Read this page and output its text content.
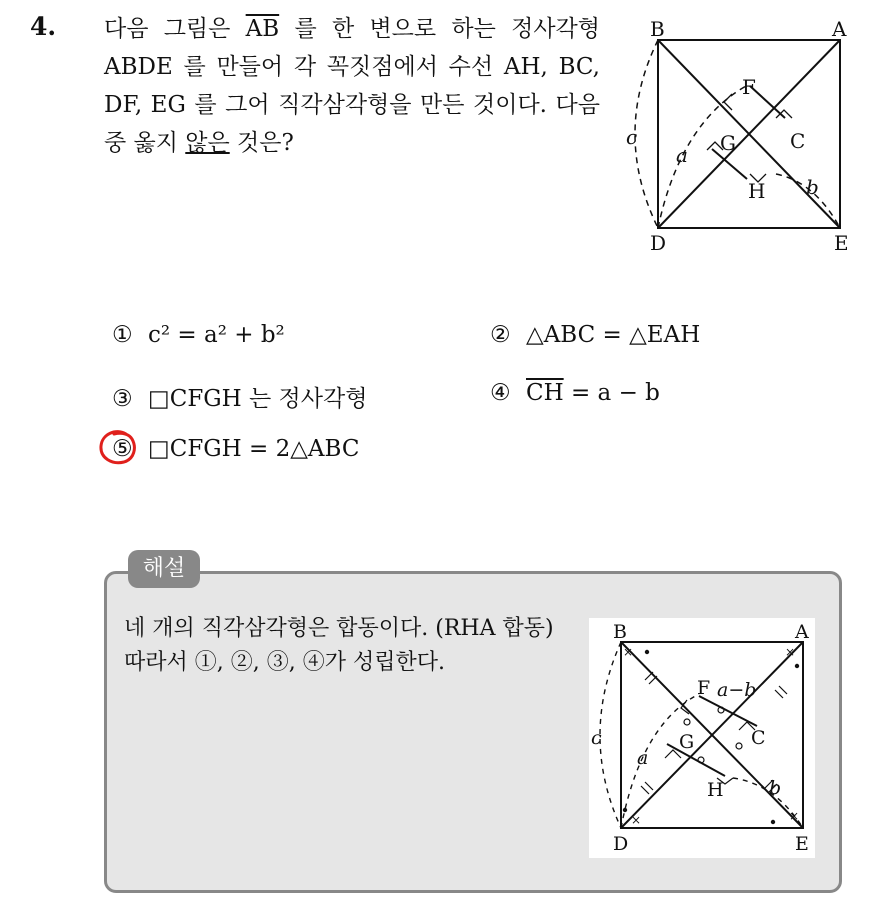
4. 다음 그림은 $\overline{AB}$ 를 한 변으로 하는 정사각형 ABDE 를 만들어 각 꼭짓점에서 수선 AH, BC, DF, EG 를 그어 직각삼각형을 만든 것이다. 다음 중 옳지 않은 것은?
B	A
D	E
F
C
G
H
c
a
b
① c² = a² + b²	② △ABC = △EAH
③ □CFGH 는 정사각형	④ $\overline{CH} = a - b$
⑤ □CFGH = 2△ABC
해설
네 개의 직각삼각형은 합동이다. (RHA 합동)
따라서 ①, ②, ③, ④가 성립한다.	×	×
×	×
B	A
D	E
F
C
G
H
c
a
b
a−b
